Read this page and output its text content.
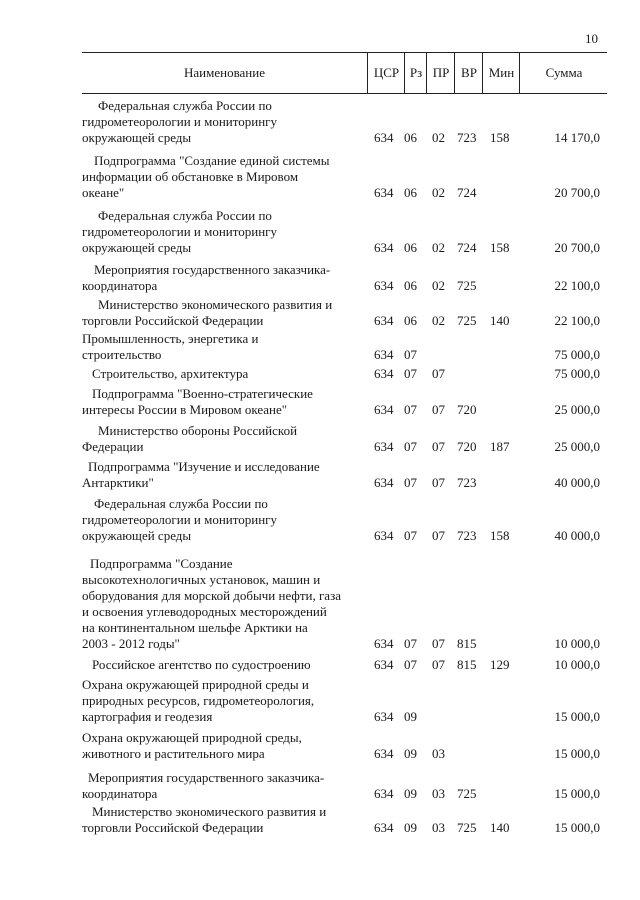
10
Наименование	ЦСР Рз ПР ВР Мин	Сумма
Федеральная служба России по
гидрометеорологии и мониторингу
окружающей среды	634 06 02 723 158	14 170,0
Подпрограмма "Создание единой системы
информации об обстановке в Мировом
океане"	634 06 02 724	20 700,0
Федеральная служба России по
гидрометеорологии и мониторингу
окружающей среды	634 06 02 724 158	20 700,0
Мероприятия государственного заказчика-
координатора	634 06 02 725	22 100,0
Министерство экономического развития и
торговли Российской Федерации	634 06 02 725 140	22 100,0
Промышленность, энергетика и
строительство	634 07	75 000,0
Строительство, архитектура	634 07 07	75 000,0
Подпрограмма "Военно-стратегические
интересы России в Мировом океане"	634 07 07 720	25 000,0
Министерство обороны Российской
Федерации	634 07 07 720 187	25 000,0
Подпрограмма "Изучение и исследование
Антарктики"	634 07 07 723	40 000,0
Федеральная служба России по
гидрометеорологии и мониторингу
окружающей среды	634 07 07 723 158	40 000,0
Подпрограмма "Создание
высокотехнологичных установок, машин и
оборудования для морской добычи нефти, газа
и освоения углеводородных месторождений
на континентальном шельфе Арктики на
2003 - 2012 годы"	634 07 07 815	10 000,0
Российское агентство по судостроению	634 07 07 815 129	10 000,0
Охрана окружающей природной среды и
природных ресурсов, гидрометеорология,
картография и геодезия	634 09	15 000,0
Охрана окружающей природной среды,
животного и растительного мира	634 09 03	15 000,0
Мероприятия государственного заказчика-
координатора	634 09 03 725	15 000,0
Министерство экономического развития и
торговли Российской Федерации	634 09 03 725 140	15 000,0
